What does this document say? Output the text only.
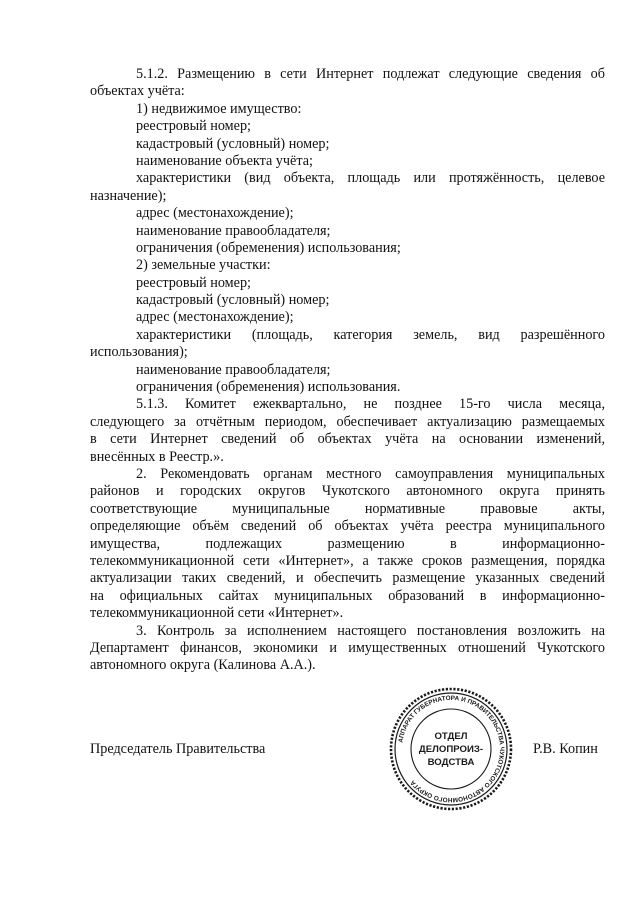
5.1.2. Размещению в сети Интернет подлежат следующие сведения об
объектах учёта:
1) недвижимое имущество:
реестровый номер;
кадастровый (условный) номер;
наименование объекта учёта;
характеристики (вид объекта, площадь или протяжённость, целевое
назначение);
адрес (местонахождение);
наименование правообладателя;
ограничения (обременения) использования;
2) земельные участки:
реестровый номер;
кадастровый (условный) номер;
адрес (местонахождение);
характеристики (площадь, категория земель, вид разрешённого
использования);
наименование правообладателя;
ограничения (обременения) использования.
5.1.3. Комитет ежеквартально, не позднее 15-го числа месяца,
следующего за отчётным периодом, обеспечивает актуализацию размещаемых
в сети Интернет сведений об объектах учёта на основании изменений,
внесённых в Реестр.».
2. Рекомендовать органам местного самоуправления муниципальных
районов и городских округов Чукотского автономного округа принять
соответствующие муниципальные нормативные правовые акты,
определяющие объём сведений об объектах учёта реестра муниципального
имущества, подлежащих размещению в информационно-
телекоммуникационной сети «Интернет», а также сроков размещения, порядка
актуализации таких сведений, и обеспечить размещение указанных сведений
на официальных сайтах муниципальных образований в информационно-
телекоммуникационной сети «Интернет».
3. Контроль за исполнением настоящего постановления возложить на
Департамент финансов, экономики и имущественных отношений Чукотского
автономного округа (Калинова А.А.).
АППАРАТ ГУБЕРНАТОРА И ПРАВИТЕЛЬСТВА ЧУКОТСКОГО АВТОНОМНОГО ОКРУГА
ОТДЕЛ
ДЕЛОПРОИЗ-
ВОДСТВА
Председатель Правительства	Р.В. Копин
